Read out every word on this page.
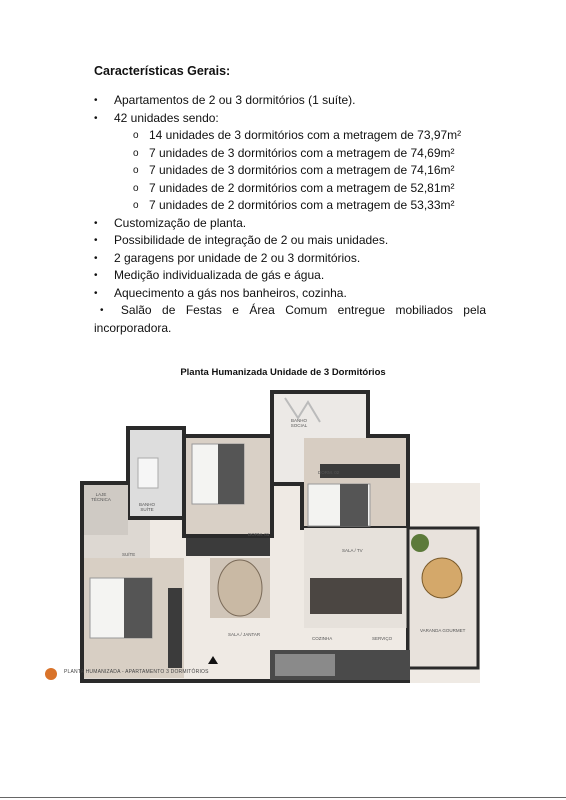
Características Gerais:

• Apartamentos de 2 ou 3 dormitórios (1 suíte).
• 42 unidades sendo:
o 14 unidades de 3 dormitórios com a metragem de 73,97m²
o 7 unidades de 3 dormitórios com a metragem de 74,69m²
o 7 unidades de 3 dormitórios com a metragem de 74,16m²
o 7 unidades de 2 dormitórios com a metragem de 52,81m²
o 7 unidades de 2 dormitórios com a metragem de 53,33m²
• Customização de planta.
• Possibilidade de integração de 2 ou mais unidades.
• 2 garagens por unidade de 2 ou 3 dormitórios.
• Medição individualizada de gás e água.
• Aquecimento a gás nos banheiros, cozinha.
• Salão de Festas e Área Comum entregue mobiliados pela incorporadora.
Planta Humanizada Unidade de 3 Dormitórios
BANHO SOCIAL
DORM. 02
LAJE TÉCNICA
BANHO SUÍTE
DORM. 01
SALA / TV
SUÍTE
SALA / JANTAR
VARANDA GOURMET
COZINHA	SERVIÇO
PLANTA HUMANIZADA - APARTAMENTO 3 DORMITÓRIOS
